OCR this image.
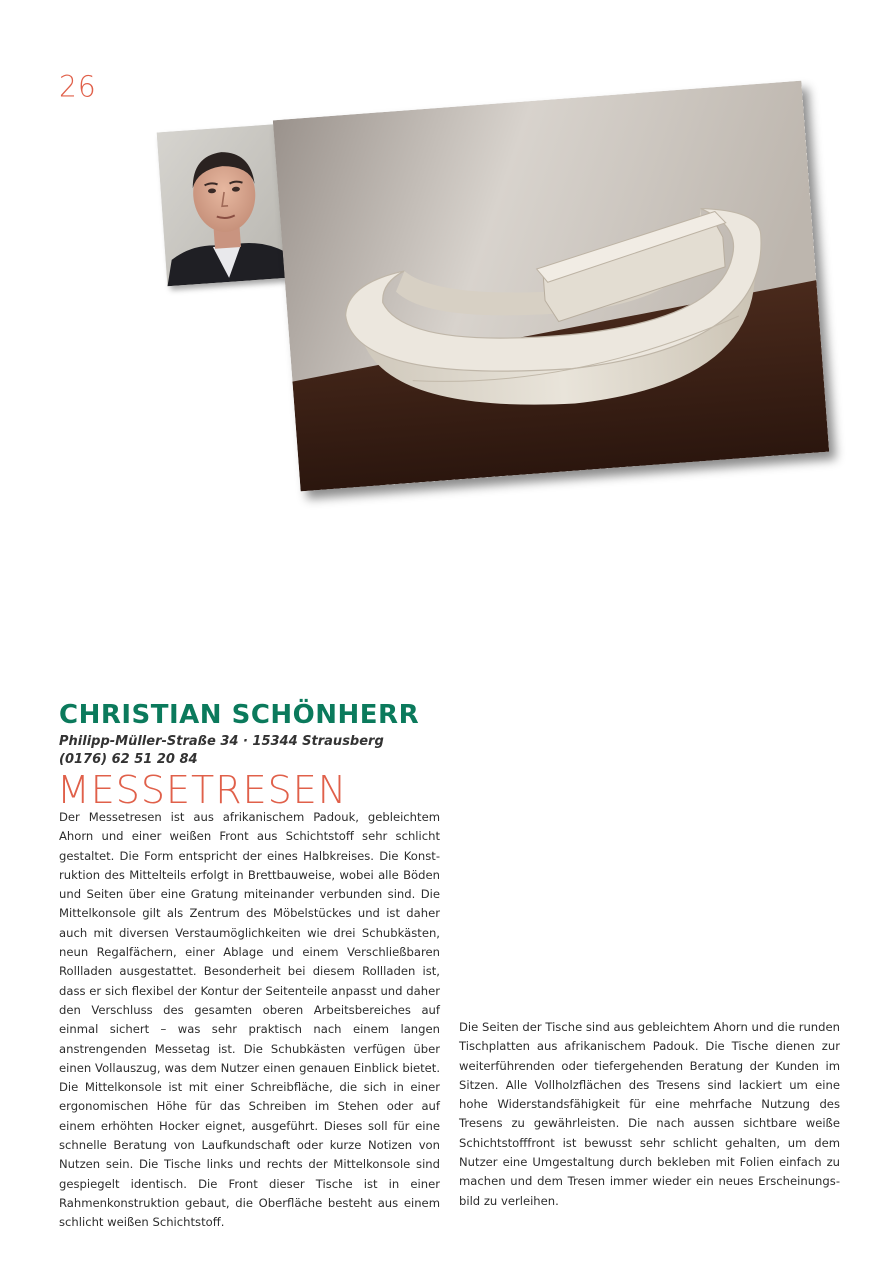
26
CHRISTIAN SCHÖNHERR
Philipp-Müller-Straße 34 · 15344 Strausberg
(0176) 62 51 20 84
MESSETRESEN
Der Messetresen ist aus afrikanischem Padouk, gebleichtem Ahorn und einer weißen Front aus Schichtstoff sehr schlicht gestaltet. Die Form entspricht der eines Halbkreises. Die Konstruktion des Mittelteils erfolgt in Brettbauweise, wobei alle Böden und Seiten über eine Gratung miteinander verbunden sind. Die Mittelkonsole gilt als Zentrum des Möbelstückes und ist daher auch mit diversen Verstaumöglichkeiten wie drei Schubkästen, neun Regalfächern, einer Ablage und einem Verschließbaren Rollladen ausgestattet. Besonderheit bei diesem Rollladen ist, dass er sich flexibel der Kontur der Seitenteile anpasst und daher den Verschluss des gesamten oberen Arbeitsbereiches auf einmal sichert – was sehr praktisch nach einem langen anstrengenden Messetag ist. Die Schubkästen verfügen über einen Vollauszug, was dem Nutzer einen genauen Einblick bietet. Die Mittelkonsole ist mit einer Schreibfläche, die sich in einer ergonomischen Höhe für das Schreiben im Stehen oder auf einem erhöhten Hocker eignet, ausgeführt. Dieses soll für eine schnelle Beratung von Laufkundschaft oder kurze Notizen von Nutzen sein. Die Tische links und rechts der Mittelkonsole sind gespiegelt identisch. Die Front dieser Tische ist in einer Rahmenkonstruktion gebaut, die Oberfläche besteht aus einem schlicht weißen Schichtstoff.
Die Seiten der Tische sind aus gebleichtem Ahorn und die runden Tischplatten aus afrikanischem Padouk. Die Tische dienen zur weiterführenden oder tiefergehenden Beratung der Kunden im Sitzen. Alle Vollholzflächen des Tresens sind lackiert um eine hohe Widerstandsfähigkeit für eine mehrfache Nutzung des Tresens zu gewährleisten. Die nach aussen sichtbare weiße Schichtstofffront ist bewusst sehr schlicht gehalten, um dem Nutzer eine Umgestaltung durch bekleben mit Folien einfach zu machen und dem Tresen immer wieder ein neues Erscheinungsbild zu verleihen.
